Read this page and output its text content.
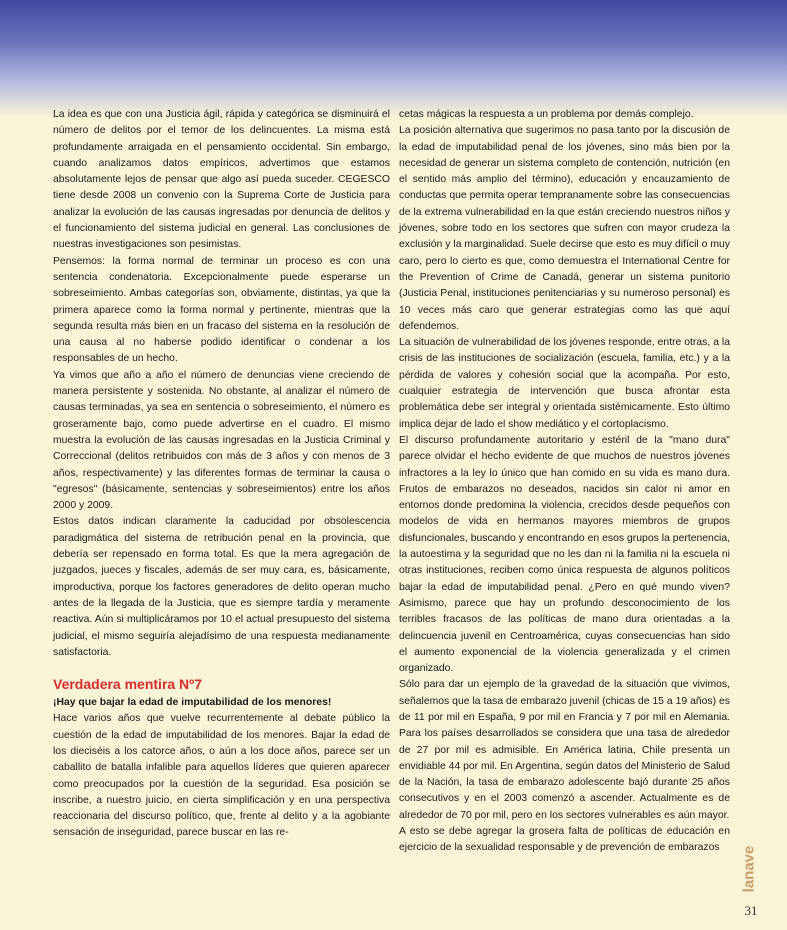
La idea es que con una Justicia ágil, rápida y categórica se disminuirá el número de delitos por el temor de los delincuentes. La misma está profundamente arraigada en el pensamiento occidental. Sin embargo, cuando analizamos datos empíricos, advertimos que estamos absolutamente lejos de pensar que algo así pueda suceder. CEGESCO tiene desde 2008 un convenio con la Suprema Corte de Justicia para analizar la evolución de las causas ingresadas por denuncia de delitos y el funcionamiento del sistema judicial en general. Las conclusiones de nuestras investigaciones son pesimistas.

Pensemos: la forma normal de terminar un proceso es con una sentencia condenatoria. Excepcionalmente puede esperarse un sobreseimiento. Ambas categorías son, obviamente, distintas, ya que la primera aparece como la forma normal y pertinente, mientras que la segunda resulta más bien en un fracaso del sistema en la resolución de una causa al no haberse podido identificar o condenar a los responsables de un hecho.

Ya vimos que año a año el número de denuncias viene creciendo de manera persistente y sostenida. No obstante, al analizar el número de causas terminadas, ya sea en sentencia o sobreseimiento, el número es groseramente bajo, como puede advertirse en el cuadro. El mismo muestra la evolución de las causas ingresadas en la Justicia Criminal y Correccional (delitos retribuidos con más de 3 años y con menos de 3 años, respectivamente) y las diferentes formas de terminar la causa o "egresos" (básicamente, sentencias y sobreseimientos) entre los años 2000 y 2009.

Estos datos indican claramente la caducidad por obsolescencia paradigmática del sistema de retribución penal en la provincia, que debería ser repensado en forma total. Es que la mera agregación de juzgados, jueces y fiscales, además de ser muy cara, es, básicamente, improductiva, porque los factores generadores de delito operan mucho antes de la llegada de la Justicia, que es siempre tardía y meramente reactiva. Aún si multiplicáramos por 10 el actual presupuesto del sistema judicial, el mismo seguiría alejadísimo de una respuesta medianamente satisfactoria.

Verdadera mentira Nº7

¡Hay que bajar la edad de imputabilidad de los menores!

Hace varios años que vuelve recurrentemente al debate público la cuestión de la edad de imputabilidad de los menores. Bajar la edad de los dieciséis a los catorce años, o aún a los doce años, parece ser un caballito de batalla infalible para aquellos líderes que quieren aparecer como preocupados por la cuestión de la seguridad. Esa posición se inscribe, a nuestro juicio, en cierta simplificación y en una perspectiva reaccionaria del discurso político, que, frente al delito y a la agobiante sensación de inseguridad, parece buscar en las re-

cetas mágicas la respuesta a un problema por demás complejo.

La posición alternativa que sugerimos no pasa tanto por la discusión de la edad de imputabilidad penal de los jóvenes, sino más bien por la necesidad de generar un sistema completo de contención, nutrición (en el sentido más amplio del término), educación y encauzamiento de conductas que permita operar tempranamente sobre las consecuencias de la extrema vulnerabilidad en la que están creciendo nuestros niños y jóvenes, sobre todo en los sectores que sufren con mayor crudeza la exclusión y la marginalidad. Suele decirse que esto es muy difícil o muy caro, pero lo cierto es que, como demuestra el International Centre for the Prevention of Crime de Canadá, generar un sistema punitorio (Justicia Penal, instituciones penitenciarias y su numeroso personal) es 10 veces más caro que generar estrategias como las que aquí defendemos.

La situación de vulnerabilidad de los jóvenes responde, entre otras, a la crisis de las instituciones de socialización (escuela, familia, etc.) y a la pérdida de valores y cohesión social que la acompaña. Por esto, cualquier estrategia de intervención que busca afrontar esta problemática debe ser integral y orientada sistémicamente. Esto último implica dejar de lado el show mediático y el cortoplacismo.

El discurso profundamente autoritario y estéril de la "mano dura" parece olvidar el hecho evidente de que muchos de nuestros jóvenes infractores a la ley lo único que han comido en su vida es mano dura. Frutos de embarazos no deseados, nacidos sin calor ni amor en entornos donde predomina la violencia, crecidos desde pequeños con modelos de vida en hermanos mayores miembros de grupos disfuncionales, buscando y encontrando en esos grupos la pertenencia, la autoestima y la seguridad que no les dan ni la familia ni la escuela ni otras instituciones, reciben como única respuesta de algunos políticos bajar la edad de imputabilidad penal. ¿Pero en qué mundo viven? Asimismo, parece que hay un profundo desconocimiento de los terribles fracasos de las políticas de mano dura orientadas a la delincuencia juvenil en Centroamérica, cuyas consecuencias han sido el aumento exponencial de la violencia generalizada y el crimen organizado.

Sólo para dar un ejemplo de la gravedad de la situación que vivimos, señalemos que la tasa de embarazo juvenil (chicas de 15 a 19 años) es de 11 por mil en España, 9 por mil en Francia y 7 por mil en Alemania. Para los países desarrollados se considera que una tasa de alrededor de 27 por mil es admisible. En América latina, Chile presenta un envidiable 44 por mil. En Argentina, según datos del Ministerio de Salud de la Nación, la tasa de embarazo adolescente bajó durante 25 años consecutivos y en el 2003 comenzó a ascender. Actualmente es de alrededor de 70 por mil, pero en los sectores vulnerables es aún mayor.

A esto se debe agregar la grosera falta de políticas de educación en ejercicio de la sexualidad responsable y de prevención de embarazos	lanave
31
